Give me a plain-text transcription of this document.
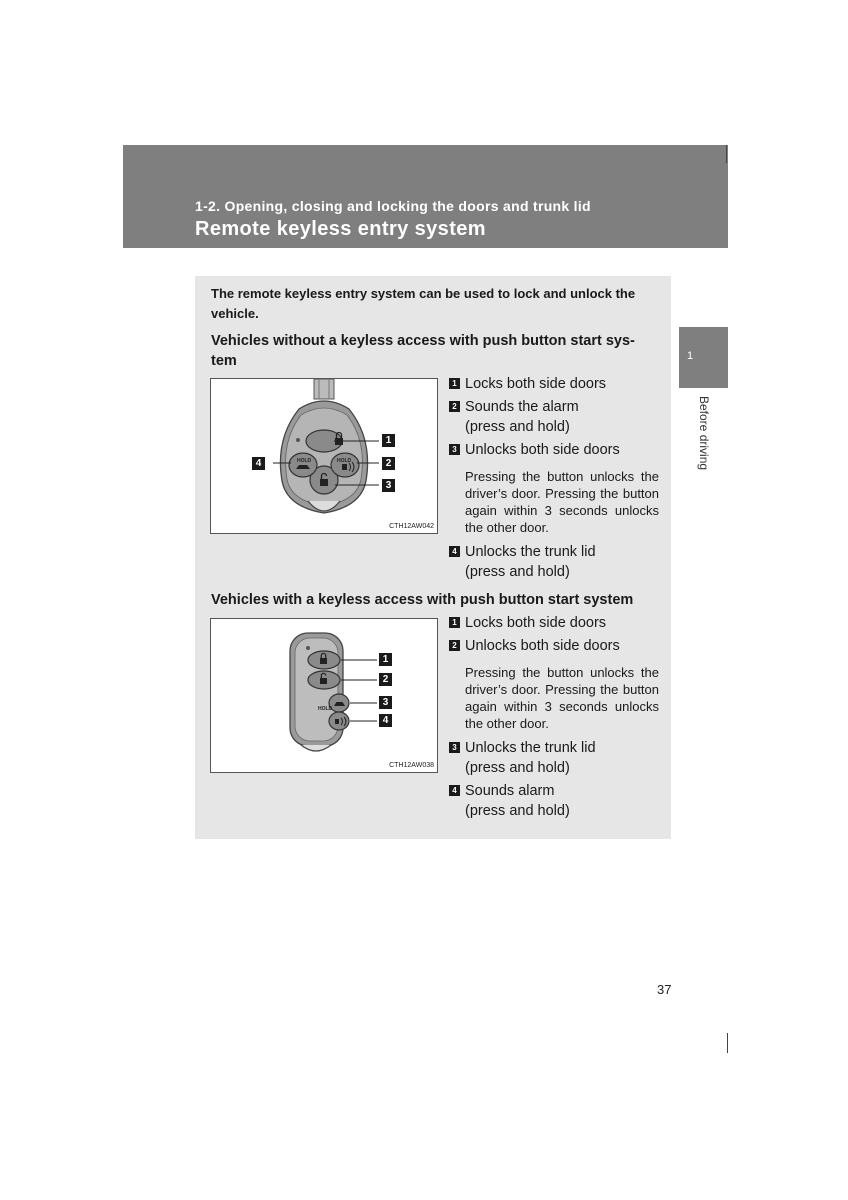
1-2. Opening, closing and locking the doors and trunk lid
Remote keyless entry system
1
Before driving
The remote keyless entry system can be used to lock and unlock the vehicle.
Vehicles without a keyless access with push button start sys-tem
HOLD	HOLD
1
4	2
3
CTH12AW042
1 Locks both side doors
2 Sounds the alarm
(press and hold)
3 Unlocks both side doors
Pressing the button unlocks the driver’s door. Pressing the button again within 3 seconds unlocks the other door.
4 Unlocks the trunk lid
(press and hold)
Vehicles with a keyless access with push button start system
HOLD
1
2
3
4
CTH12AW038
1 Locks both side doors
2 Unlocks both side doors
Pressing the button unlocks the driver’s door. Pressing the button again within 3 seconds unlocks the other door.
3 Unlocks the trunk lid
(press and hold)
4 Sounds alarm
(press and hold)
37
